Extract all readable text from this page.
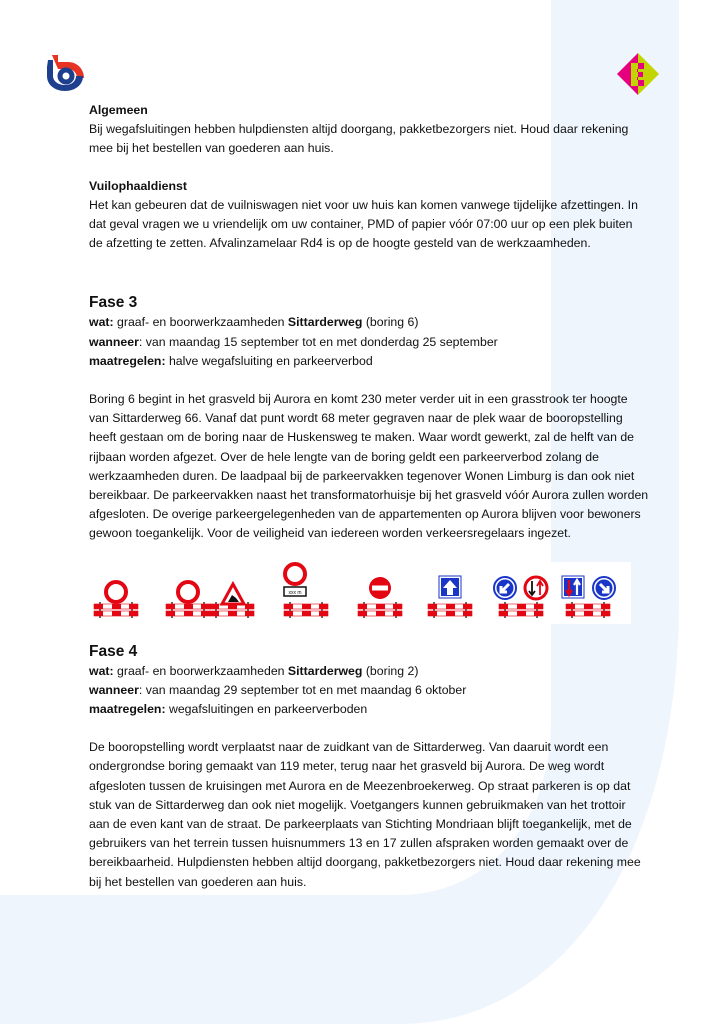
Algemeen

Bij wegafsluitingen hebben hulpdiensten altijd doorgang, pakketbezorgers niet. Houd daar rekening mee bij het bestellen van goederen aan huis.

Vuilophaaldienst

Het kan gebeuren dat de vuilniswagen niet voor uw huis kan komen vanwege tijdelijke afzettingen. In dat geval vragen we u vriendelijk om uw container, PMD of papier vóór 07:00 uur op een plek buiten de afzetting te zetten. Afvalinzamelaar Rd4 is op de hoogte gesteld van de werkzaamheden.

Fase 3

wat: graaf- en boorwerkzaamheden Sittarderweg (boring 6)

wanneer: van maandag 15 september tot en met donderdag 25 september

maatregelen: halve wegafsluiting en parkeerverbod

Boring 6 begint in het grasveld bij Aurora en komt 230 meter verder uit in een grasstrook ter hoogte van Sittarderweg 66. Vanaf dat punt wordt 68 meter gegraven naar de plek waar de booropstelling heeft gestaan om de boring naar de Huskensweg te maken. Waar wordt gewerkt, zal de helft van de rijbaan worden afgezet. Over de hele lengte van de boring geldt een parkeerverbod zolang de werkzaamheden duren. De laadpaal bij de parkeervakken tegenover Wonen Limburg is dan ook niet bereikbaar. De parkeervakken naast het transformatorhuisje bij het grasveld vóór Aurora zullen worden afgesloten. De overige parkeergelegenheden van de appartementen op Aurora blijven voor bewoners gewoon toegankelijk. Voor de veiligheid van iedereen worden verkeersregelaars ingezet.

xxx m
Fase 4

wat: graaf- en boorwerkzaamheden Sittarderweg (boring 2)

wanneer: van maandag 29 september tot en met maandag 6 oktober

maatregelen: wegafsluitingen en parkeerverboden

De booropstelling wordt verplaatst naar de zuidkant van de Sittarderweg. Van daaruit wordt een ondergrondse boring gemaakt van 119 meter, terug naar het grasveld bij Aurora. De weg wordt afgesloten tussen de kruisingen met Aurora en de Meezenbroekerweg. Op straat parkeren is op dat stuk van de Sittarderweg dan ook niet mogelijk. Voetgangers kunnen gebruikmaken van het trottoir aan de even kant van de straat. De parkeerplaats van Stichting Mondriaan blijft toegankelijk, met de gebruikers van het terrein tussen huisnummers 13 en 17 zullen afspraken worden gemaakt over de bereikbaarheid. Hulpdiensten hebben altijd doorgang, pakketbezorgers niet. Houd daar rekening mee bij het bestellen van goederen aan huis.
